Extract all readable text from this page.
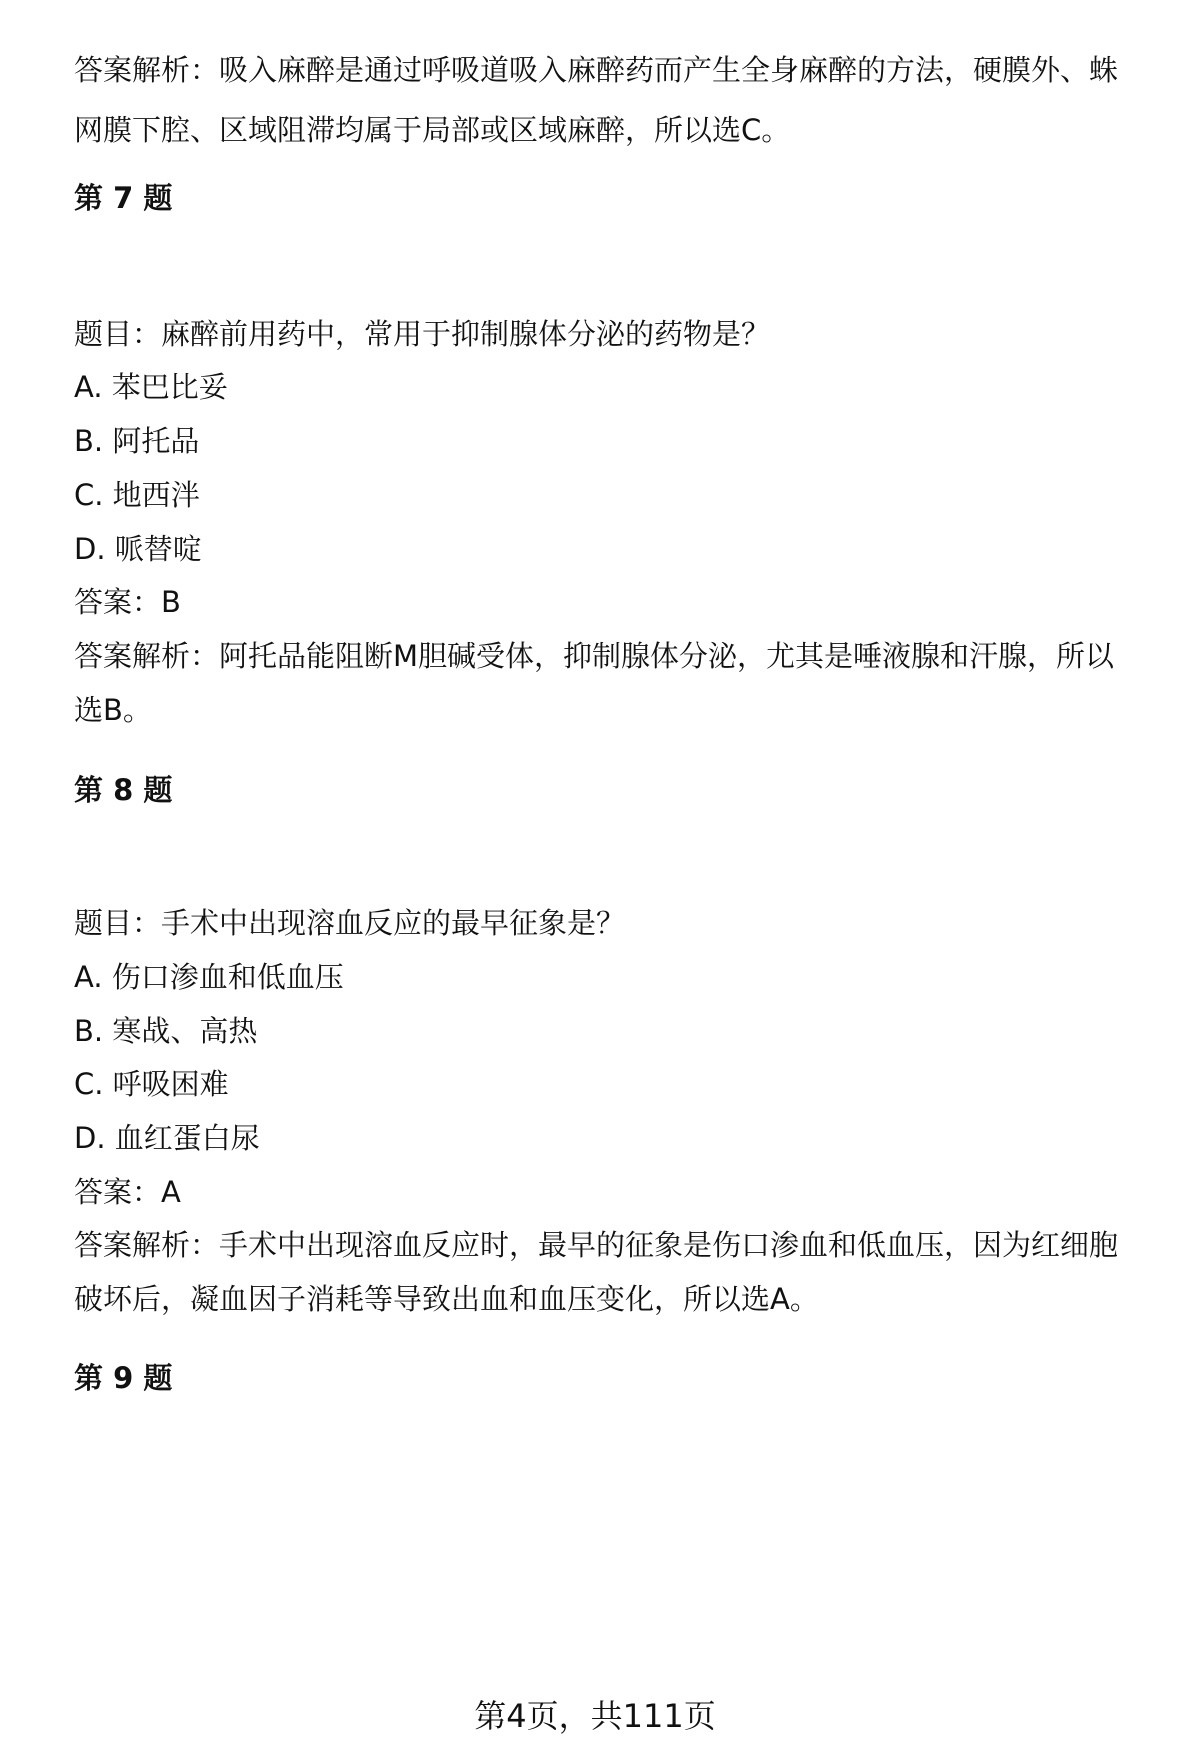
答案解析：吸入麻醉是通过呼吸道吸入麻醉药而产生全身麻醉的方法，硬膜外、蛛
网膜下腔、区域阻滞均属于局部或区域麻醉，所以选C。
第 7 题
题目：麻醉前用药中，常用于抑制腺体分泌的药物是？
A. 苯巴比妥
B. 阿托品
C. 地西泮
D. 哌替啶
答案：B
答案解析：阿托品能阻断M胆碱受体，抑制腺体分泌，尤其是唾液腺和汗腺，所以
选B。
第 8 题
题目：手术中出现溶血反应的最早征象是？
A. 伤口渗血和低血压
B. 寒战、高热
C. 呼吸困难
D. 血红蛋白尿
答案：A
答案解析：手术中出现溶血反应时，最早的征象是伤口渗血和低血压，因为红细胞
破坏后，凝血因子消耗等导致出血和血压变化，所以选A。
第 9 题
第4页，共111页
